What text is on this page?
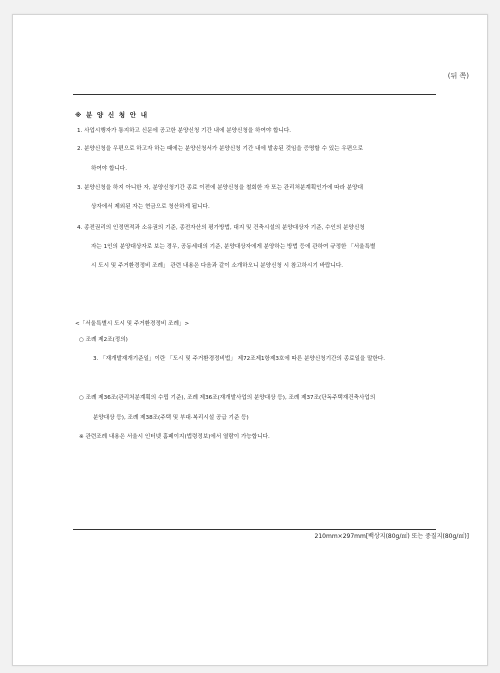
(뒤 쪽)
※ 분 양 신 청 안 내
1. 사업시행자가 통지하고 신문에 공고한 분양신청 기간 내에 분양신청을 하여야 합니다.
2. 분양신청을 우편으로 하고자 하는 때에는 분양신청서가 분양신청 기간 내에 발송된 것임을 증명할 수 있는 우편으로
하여야 합니다.
3. 분양신청을 하지 아니한 자, 분양신청기간 종료 이전에 분양신청을 철회한 자 또는 관리처분계획인가에 따라 분양대
상자에서 제외된 자는 현금으로 청산하게 됩니다.
4. 종전권리의 인정면적과 소유권의 기준, 종전자산의 평가방법, 대지 및 건축시설의 분양대상자 기준, 수인의 분양신청
자는 1인의 분양대상자로 보는 경우, 공동세대의 기준, 분양대상자에게 분양하는 방법 등에 관하여 규정한 「서울특별
시 도시 및 주거환경정비 조례」 관련 내용은 다음과 같이 소개하오니 분양신청 시 참고하시기 바랍니다.
<「서울특별시 도시 및 주거환경정비 조례」>
○ 조례 제2조(정의)
3. 「재개발재개기준일」이란 「도시 및 주거환경정비법」 제72조제1항제3호에 따른 분양신청기간의 종료일을 말한다.
○ 조례 제36조(관리처분계획의 수립 기준), 조례 제36조(재개발사업의 분양대상 등), 조례 제37조(단독주택재건축사업의
분양대상 등), 조례 제38조(주택 및 부대·복리시설 공급 기준 등)
※ 관련조례 내용은 서울시 인터넷 홈페이지(법령정보)에서 열람이 가능합니다.
210mm×297mm[백상지(80g/㎡) 또는 중질지(80g/㎡)]
